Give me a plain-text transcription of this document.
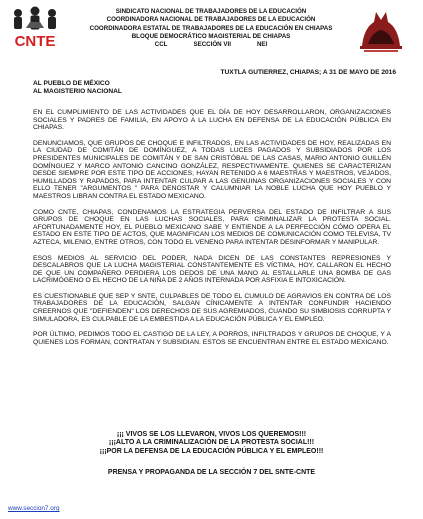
CNTE
SINDICATO NACIONAL DE TRABAJADORES DE LA EDUCACIÓN
COORDINADORA NACIONAL DE TRABAJADORES DE LA EDUCACIÓN
COORDINADORA ESTATAL DE TRABAJADORES DE LA EDUCACIÓN EN CHIAPAS
BLOQUE DEMOCRÁTICO MAGISTERIAL DE CHIAPAS
CCL	SECCIÓN VII	NEI
TUXTLA GUTIERREZ, CHIAPAS; A 31 DE MAYO DE 2016
AL PUEBLO DE MÉXICO
AL MAGISTERIO NACIONAL

EN EL CUMPLIMIENTO DE LAS ACTIVIDADES QUE EL DÍA DE HOY DESARROLLARON, ORGANIZACIONES SOCIALES Y PADRES DE FAMILIA, EN APOYO A LA LUCHA EN DEFENSA DE LA EDUCACIÓN PÚBLICA EN CHIAPAS.

DENUNCIAMOS, QUE GRUPOS DE CHOQUE E INFILTRADOS, EN LAS ACTIVIDADES DE HOY, REALIZADAS EN LA CIUDAD DE COMITÁN DE DOMÍNGUEZ, A TODAS LUCES PAGADOS Y SUBSIDIADOS POR LOS PRESIDENTES MUNICIPALES DE COMITÁN Y DE SAN CRISTÓBAL DE LAS CASAS, MARIO ANTONIO GUILLÉN DOMÍNGUEZ Y MARCO ANTONIO CANCINO GONZÁLEZ, RESPECTIVAMENTE. QUIENES SE CARACTERIZAN DESDE SIEMPRE POR ESTE TIPO DE ACCIONES; HAYAN RETENIDO A 6 MAESTRAS Y MAESTROS, VEJADOS, HUMILLADOS Y RAPADOS, PARA INTENTAR CULPAR A LAS GENUINAS ORGANIZACIONES SOCIALES Y CON ELLO TENER "ARGUMENTOS " PARA DENOSTAR Y CALUMNIAR LA NOBLE LUCHA QUE HOY PUEBLO Y MAESTROS LIBRAN CONTRA EL ESTADO MEXICANO.

COMO CNTE, CHIAPAS, CONDENAMOS LA ESTRATEGIA PERVERSA DEL ESTADO DE INFILTRAR A SUS GRUPOS DE CHOQUE EN LAS LUCHAS SOCIALES, PARA CRIMINALIZAR LA PROTESTA SOCIAL. AFORTUNADAMENTE HOY, EL PUEBLO MEXICANO SABE Y ENTIENDE A LA PERFECCIÓN CÓMO OPERA EL ESTADO EN ESTE TIPO DE ACTOS, QUE MAGNIFICAN LOS MEDIOS DE COMUNICACIÓN COMO TELEVISA, TV AZTECA, MILENIO, ENTRE OTROS, CON TODO EL VENENO PARA INTENTAR DESINFORMAR Y MANIPULAR.

ESOS MEDIOS AL SERVICIO DEL PODER, NADA DICEN DE LAS CONSTANTES REPRESIONES Y DESCALABROS QUE LA LUCHA MAGISTERIAL CONSTANTEMENTE ES VÍCTIMA, HOY, CALLARON EL HECHO DE QUE UN COMPAÑERO PERDIERA LOS DEDOS DE UNA MANO AL ESTALLARLE UNA BOMBA DE GAS LACRIMÓGENO O EL HECHO DE LA NIÑA DE 2 AÑOS INTERNADA POR ASFIXIA E INTOXICACIÓN.

ES CUESTIONABLE QUE SEP Y SNTE, CULPABLES DE TODO EL CUMULO DE AGRAVIOS EN CONTRA DE LOS TRABAJADORES DE LA EDUCACIÓN, SALGAN CÍNICAMENTE A INTENTAR CONFUNDIR HACIENDO CREERNOS QUE "DEFIENDEN" LOS DERECHOS DE SUS AGREMIADOS, CUANDO SU SIMBIOSIS CORRUPTA Y SIMULADORA, ES CULPABLE DE LA EMBESTIDA A LA EDUCACIÓN PÚBLICA Y EL EMPLEO.

POR ÚLTIMO, PEDIMOS TODO EL CASTIGO DE LA LEY, A PORROS, INFILTRADOS Y GRUPOS DE CHOQUE, Y A QUIENES LOS FORMAN, CONTRATAN Y SUBSIDIAN. ESTOS SE ENCUENTRAN ENTRE EL ESTADO MEXICANO.

¡¡¡ VIVOS SE LOS LLEVARON, VIVOS LOS QUEREMOS!!!
¡¡¡ALTO A LA CRIMINALIZACIÓN DE LA PROTESTA SOCIAL!!!
¡¡¡POR LA DEFENSA DE LA EDUCACIÓN PÚBLICA Y EL EMPLEO!!!
PRENSA Y PROPAGANDA DE LA SECCIÓN 7 DEL SNTE-CNTE
www.seccion7.org
